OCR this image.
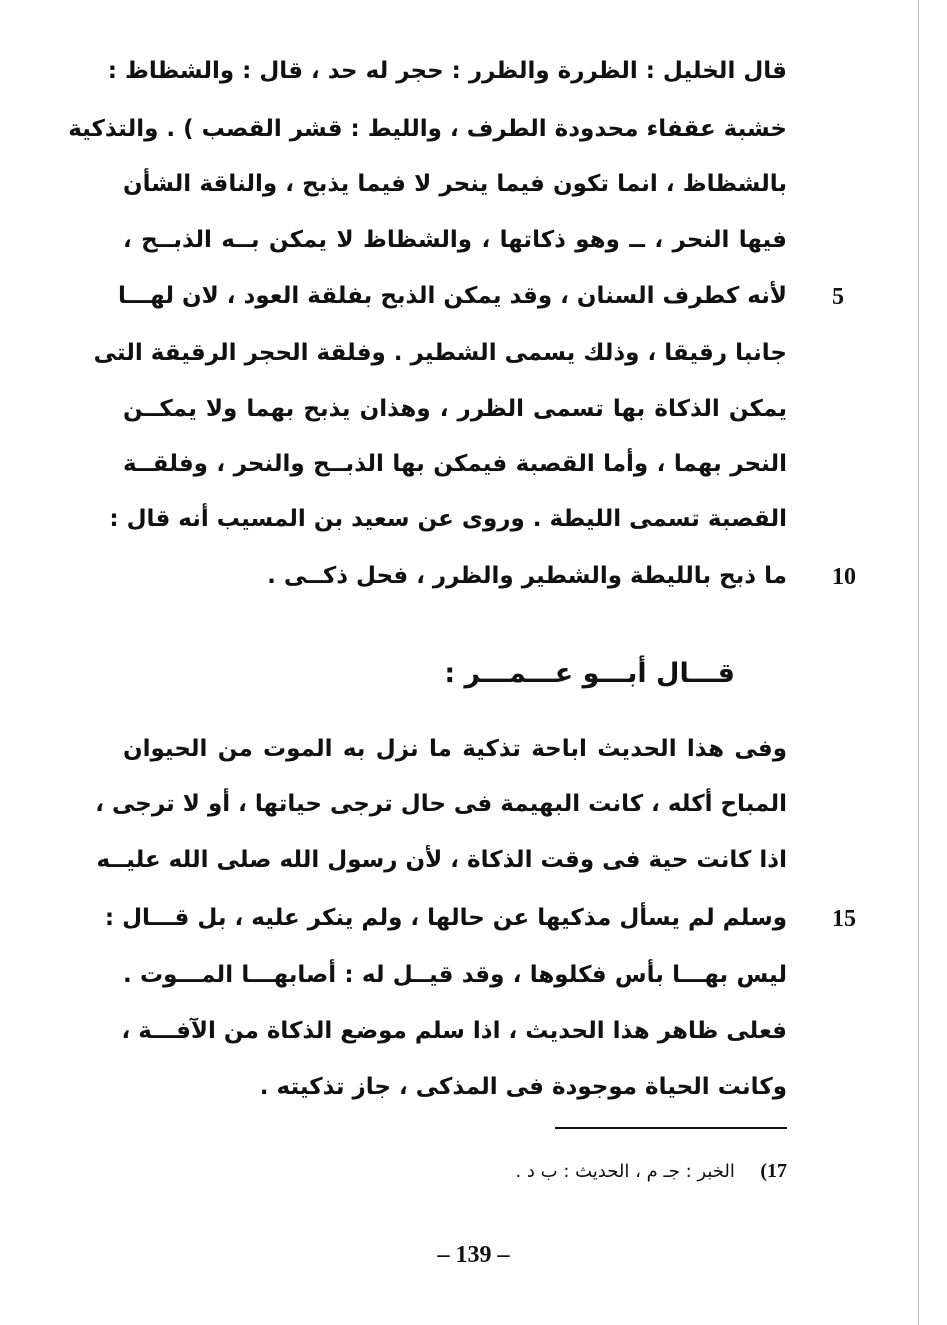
قال الخليل : الظررة والظرر : حجر له حد ، قال : والشظاظ :
خشبة عقفاء محدودة الطرف ، والليط : قشر القصب ) . والتذكية
بالشظاظ ، انما تكون فيما ينحر لا فيما يذبح ، والناقة الشأن
فيها النحر ، ــ وهو ذكاتها ، والشظاظ لا يمكن بــه الذبــح ،
لأنه كطرف السنان ، وقد يمكن الذبح بفلقة العود ، لان لهـــا
جانبا رقيقا ، وذلك يسمى الشطير . وفلقة الحجر الرقيقة التى
يمكن الذكاة بها تسمى الظرر ، وهذان يذبح بهما ولا يمكــن
النحر بهما ، وأما القصبة فيمكن بها الذبــح والنحر ، وفلقــة
القصبة تسمى الليطة . وروى عن سعيد بن المسيب أنه قال :
ما ذبح بالليطة والشطير والظرر ، فحل ذكــى .
5
10
قـــال أبـــو عـــمـــر :
وفى هذا الحديث اباحة تذكية ما نزل به الموت من الحيوان
المباح أكله ، كانت البهيمة فى حال ترجى حياتها ، أو لا ترجى ،
اذا كانت حية فى وقت الذكاة ، لأن رسول الله صلى الله عليــه
وسلم لم يسأل مذكيها عن حالها ، ولم ينكر عليه ، بل قـــال :
ليس بهـــا بأس فكلوها ، وقد قيــل له : أصابهـــا المـــوت .
فعلى ظاهر هذا الحديث ، اذا سلم موضع الذكاة من الآفـــة ،
وكانت الحياة موجودة فى المذكى ، جاز تذكيته .
15
17)  الخبر : جـ م ، الحديث : ب د .
– 139 –
